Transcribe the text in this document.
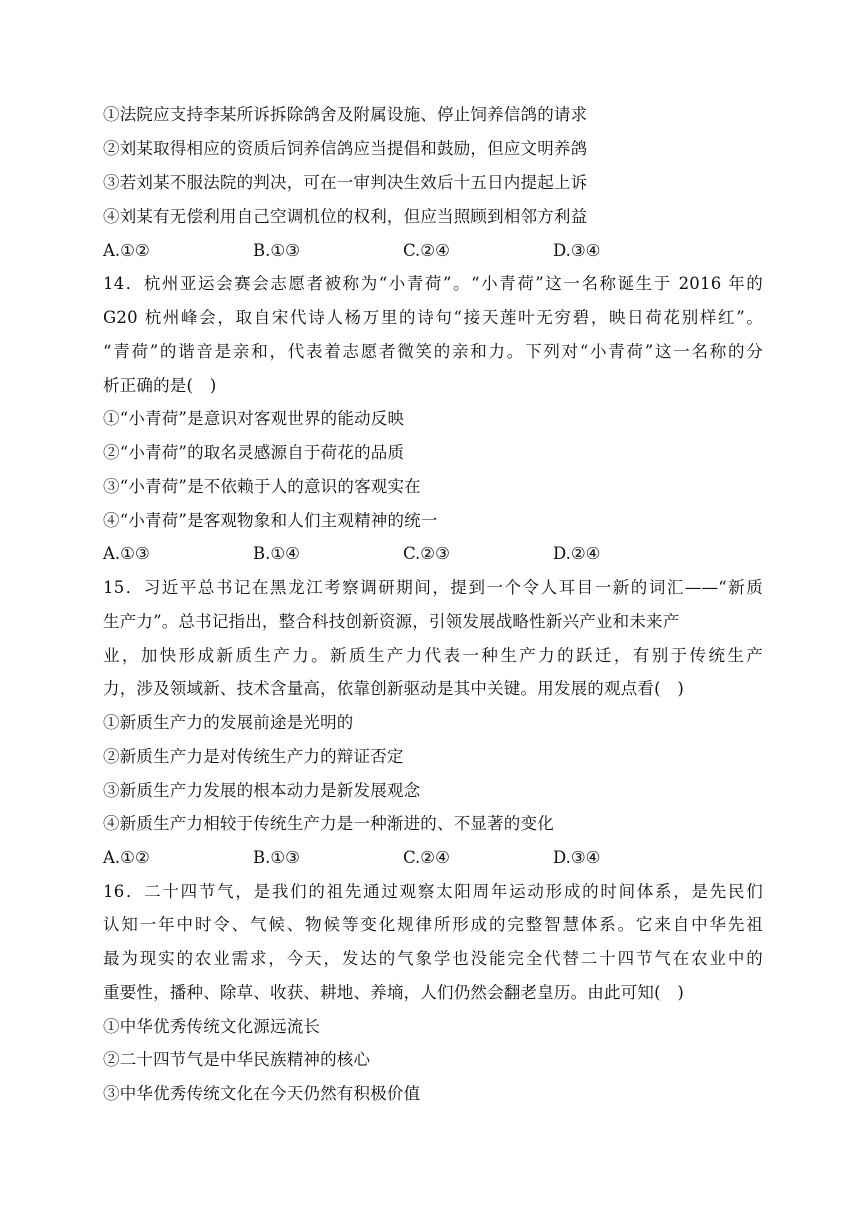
①法院应支持李某所诉拆除鸽舍及附属设施、停止饲养信鸽的请求
②刘某取得相应的资质后饲养信鸽应当提倡和鼓励，但应文明养鸽
③若刘某不服法院的判决，可在一审判决生效后十五日内提起上诉
④刘某有无偿利用自己空调机位的权利，但应当照顾到相邻方利益
A.①②	B.①③	C.②④	D.③④
14．杭州亚运会赛会志愿者被称为“小青荷”。“小青荷”这一名称诞生于 2016 年的
G20 杭州峰会，取自宋代诗人杨万里的诗句“接天莲叶无穷碧，映日荷花别样红”。
“青荷”的谐音是亲和，代表着志愿者微笑的亲和力。下列对“小青荷”这一名称的分
析正确的是(　)
①“小青荷”是意识对客观世界的能动反映
②“小青荷”的取名灵感源自于荷花的品质
③“小青荷”是不依赖于人的意识的客观实在
④“小青荷”是客观物象和人们主观精神的统一
A.①③	B.①④	C.②③	D.②④
15．习近平总书记在黑龙江考察调研期间，提到一个令人耳目一新的词汇——“新质
生产力”。总书记指出，整合科技创新资源，引领发展战略性新兴产业和未来产
业，加快形成新质生产力。新质生产力代表一种生产力的跃迁，有别于传统生产
力，涉及领域新、技术含量高，依靠创新驱动是其中关键。用发展的观点看(　)
①新质生产力的发展前途是光明的
②新质生产力是对传统生产力的辩证否定
③新质生产力发展的根本动力是新发展观念
④新质生产力相较于传统生产力是一种渐进的、不显著的变化
A.①②	B.①③	C.②④	D.③④
16．二十四节气，是我们的祖先通过观察太阳周年运动形成的时间体系，是先民们
认知一年中时令、气候、物候等变化规律所形成的完整智慧体系。它来自中华先祖
最为现实的农业需求，今天，发达的气象学也没能完全代替二十四节气在农业中的
重要性，播种、除草、收获、耕地、养墒，人们仍然会翻老皇历。由此可知(　)
①中华优秀传统文化源远流长
②二十四节气是中华民族精神的核心
③中华优秀传统文化在今天仍然有积极价值
